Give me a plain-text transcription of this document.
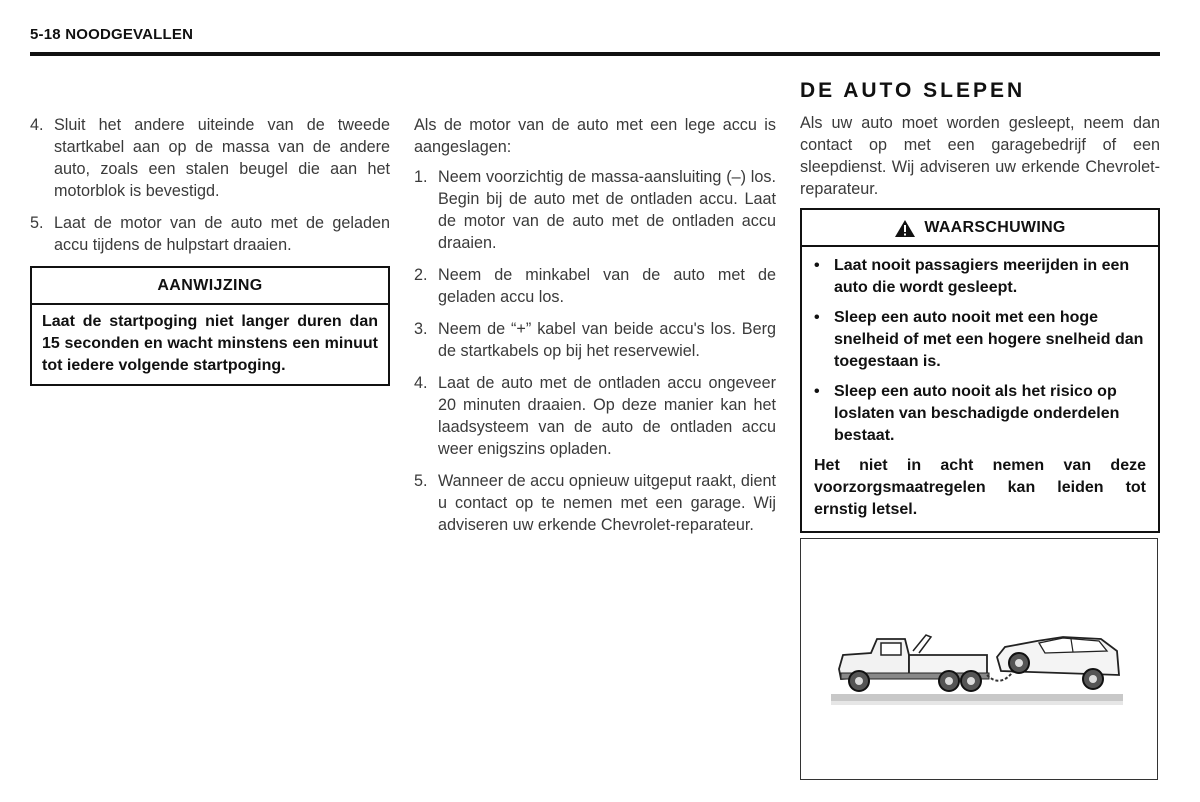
5-18 NOODGEVALLEN
4. Sluit het andere uiteinde van de tweede startkabel aan op de massa van de andere auto, zoals een stalen beugel die aan het motorblok is bevestigd.
5. Laat de motor van de auto met de geladen accu tijdens de hulpstart draaien.
AANWIJZING
Laat de startpoging niet langer duren dan 15 seconden en wacht minstens een minuut tot iedere volgende startpoging.

Als de motor van de auto met een lege accu is aangeslagen:

1. Neem voorzichtig de massa-aansluiting (–) los. Begin bij de auto met de ontladen accu. Laat de motor van de auto met de ontladen accu draaien.
2. Neem de minkabel van de auto met de geladen accu los.
3. Neem de “+” kabel van beide accu's los. Berg de startkabels op bij het reservewiel.
4. Laat de auto met de ontladen accu ongeveer 20 minuten draaien. Op deze manier kan het laadsysteem van de auto de ontladen accu weer enigszins opladen.
5. Wanneer de accu opnieuw uitgeput raakt, dient u contact op te nemen met een garage. Wij adviseren uw erkende Chevrolet-reparateur.
DE AUTO SLEPEN

Als uw auto moet worden gesleept, neem dan contact op met een garagebedrijf of een sleepdienst. Wij adviseren uw erkende Chevrolet-reparateur.

WAARSCHUWING
• Laat nooit passagiers meerijden in een auto die wordt gesleept.
• Sleep een auto nooit met een hoge snelheid of met een hogere snelheid dan toegestaan is.
• Sleep een auto nooit als het risico op loslaten van beschadigde onderdelen bestaat.

Het niet in acht nemen van deze voorzorgsmaatregelen kan leiden tot ernstig letsel.
